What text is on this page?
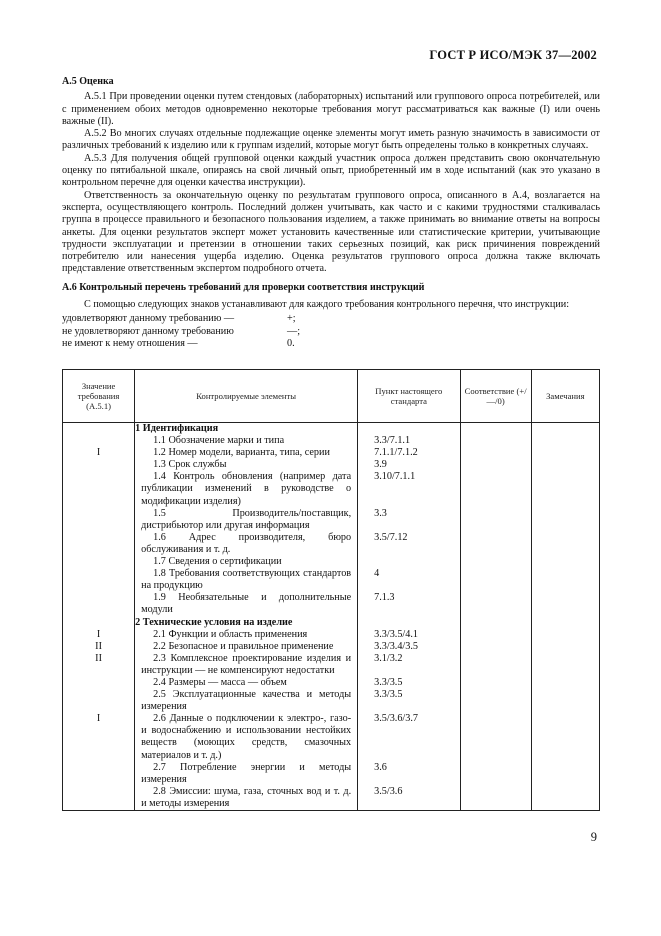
ГОСТ Р ИСО/МЭК 37—2002
А.5 Оценка

А.5.1 При проведении оценки путем стендовых (лабораторных) испытаний или группового опроса потребителей, или с применением обоих методов одновременно некоторые требования могут рассматриваться как важные (I) или очень важные (II).

А.5.2 Во многих случаях отдельные подлежащие оценке элементы могут иметь разную значимость в зависимости от различных требований к изделию или к группам изделий, которые могут быть определены только в конкретных случаях.

А.5.3 Для получения общей групповой оценки каждый участник опроса должен представить свою окончательную оценку по пятибальной шкале, опираясь на свой личный опыт, приобретенный им в ходе испытаний (как это указано в контрольном перечне для оценки качества инструкции).

Ответственность за окончательную оценку по результатам группового опроса, описанного в А.4, возлагается на эксперта, осуществляющего контроль. Последний должен учитывать, как часто и с какими трудностями сталкивалась группа в процессе правильного и безопасного пользования изделием, а также принимать во внимание ответы на вопросы анкеты. Для оценки результатов эксперт может установить качественные или статистические критерии, учитывающие трудности эксплуатации и претензии в отношении таких серьезных позиций, как риск причинения повреждений потребителю или нанесения ущерба изделию. Оценка результатов группового опроса должна также включать представление ответственным экспертом подробного отчета.

А.6 Контрольный перечень требований для проверки соответствия инструкций

С помощью следующих знаков устанавливают для каждого требования контрольного перечня, что инструкции:

удовлетворяют данному требованию —	+;
не удовлетворяют данному требованию	—;
не имеют к нему отношения —	0.
Значение требования (А.5.1)	Контролируемые элементы	Пункт настоящего стандарта	Соответствие (+/—/0)	Замечания
	1 Идентификация			
	1.1 Обозначение марки и типа	3.3/7.1.1		
I	1.2 Номер модели, варианта, типа, серии	7.1.1/7.1.2		
	1.3 Срок службы	3.9		
	1.4 Контроль обновления (например дата публикации изменений в руководстве о модификации изделия)	3.10/7.1.1		
	1.5 Производитель/поставщик, дистрибьютор или другая информация	3.3		
	1.6 Адрес производителя, бюро обслуживания и т. д.	3.5/7.12		
	1.7 Сведения о сертификации			
	1.8 Требования соответствующих стандартов на продукцию	4		
	1.9 Необязательные и дополнительные модули	7.1.3		
	2 Технические условия на изделие			
I	2.1 Функции и область применения	3.3/3.5/4.1		
II	2.2 Безопасное и правильное применение	3.3/3.4/3.5		
II	2.3 Комплексное проектирование изделия и инструкции — не компенсируют недостатки	3.1/3.2		
	2.4 Размеры — масса — объем	3.3/3.5		
	2.5 Эксплуатационные качества и методы измерения	3.3/3.5		
I	2.6 Данные о подключении к электро-, газо- и водоснабжению и использовании нестойких веществ (моющих средств, смазочных материалов и т. д.)	3.5/3.6/3.7		
	2.7 Потребление энергии и методы измерения	3.6		
	2.8 Эмиссии: шума, газа, сточных вод и т. д. и методы измерения	3.5/3.6		
9
